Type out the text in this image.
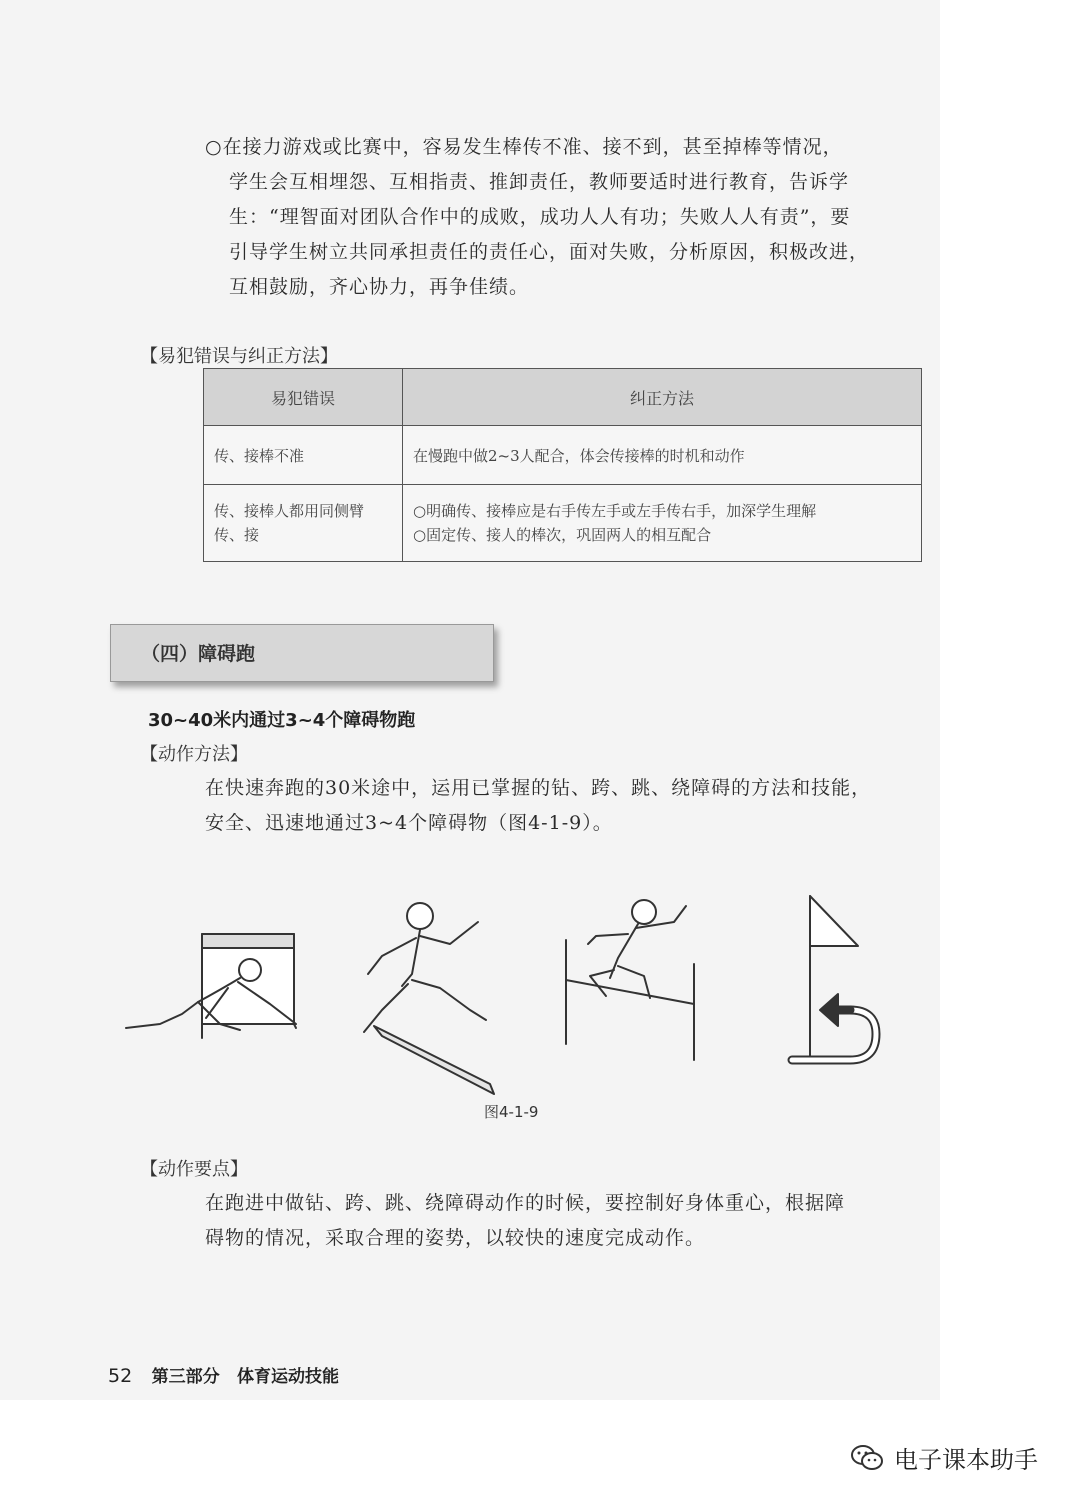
○在接力游戏或比赛中，容易发生棒传不准、接不到，甚至掉棒等情况，
学生会互相埋怨、互相指责、推卸责任，教师要适时进行教育，告诉学
生：“理智面对团队合作中的成败，成功人人有功；失败人人有责”，要
引导学生树立共同承担责任的责任心，面对失败，分析原因，积极改进，
互相鼓励，齐心协力，再争佳绩。
【易犯错误与纠正方法】
易犯错误	纠正方法
传、接棒不准	在慢跑中做2~3人配合，体会传接棒的时机和动作
传、接棒人都用同侧臂传、接	○明确传、接棒应是右手传左手或左手传右手，加深学生理解
○固定传、接人的棒次，巩固两人的相互配合
（四）障碍跑
30~40米内通过3~4个障碍物跑
【动作方法】
在快速奔跑的30米途中，运用已掌握的钻、跨、跳、绕障碍的方法和技能，
安全、迅速地通过3~4个障碍物（图4-1-9）。
图4-1-9
【动作要点】
在跑进中做钻、跨、跳、绕障碍动作的时候，要控制好身体重心，根据障
碍物的情况，采取合理的姿势，以较快的速度完成动作。
52 第三部分 体育运动技能
电子课本助手
